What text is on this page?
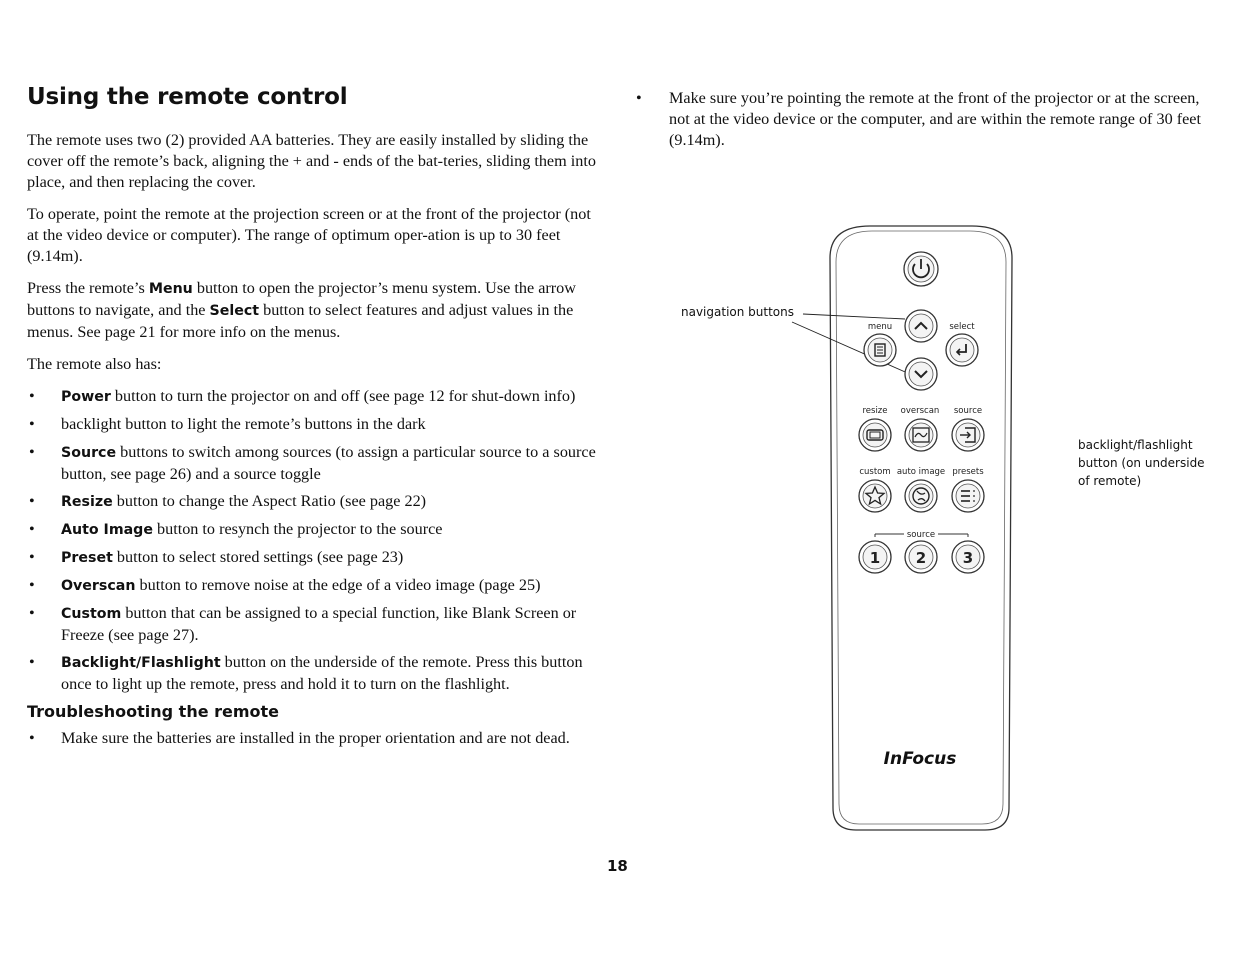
Using the remote control

The remote uses two (2) provided AA batteries. They are easily installed by sliding the cover off the remote’s back, aligning the + and - ends of the bat-teries, sliding them into place, and then replacing the cover.

To operate, point the remote at the projection screen or at the front of the projector (not at the video device or computer). The range of optimum oper-ation is up to 30 feet (9.14m).

Press the remote’s Menu button to open the projector’s menu system. Use the arrow buttons to navigate, and the Select button to select features and adjust values in the menus. See page 21 for more info on the menus.

The remote also has:

• Power button to turn the projector on and off (see page 12 for shut-down info)
• backlight button to light the remote’s buttons in the dark
• Source buttons to switch among sources (to assign a particular source to a source button, see page 26) and a source toggle
• Resize button to change the Aspect Ratio (see page 22)
• Auto Image button to resynch the projector to the source
• Preset button to select stored settings (see page 23)
• Overscan button to remove noise at the edge of a video image (page 25)
• Custom button that can be assigned to a special function, like Blank Screen or Freeze (see page 27).
• Backlight/Flashlight button on the underside of the remote. Press this button once to light up the remote, press and hold it to turn on the flashlight.
Troubleshooting the remote
• Make sure the batteries are installed in the proper orientation and are not dead.
• Make sure you’re pointing the remote at the front of the projector or at the screen, not at the video device or the computer, and are within the remote range of 30 feet (9.14m).
menu	select
resize overscan source
custom auto image presets
source
1 2 3
InFocus
navigation buttons
backlight/flashlight button (on underside of remote)
18
